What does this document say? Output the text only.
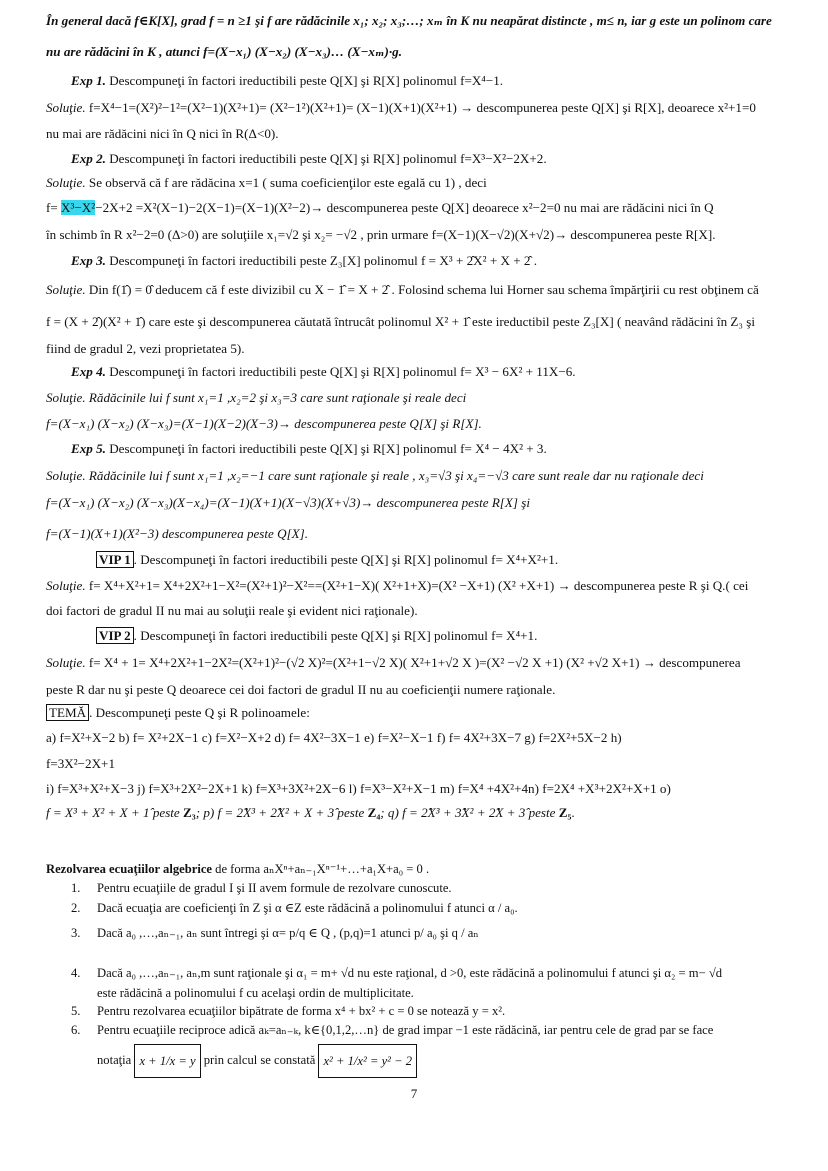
În general dacă f∈K[X], grad f = n ≥1 şi f are rădăcinile x₁; x₂; x₃;…; xₘ în K nu neapărat distincte , m≤ n, iar g este un polinom care
nu are rădăcini în K , atunci f=(X−x₁) (X−x₂) (X−x₃)… (X−xₘ)·g.
Exp 1. Descompuneţi în factori ireductibili peste Q[X] şi R[X] polinomul f=X⁴−1.
Soluţie. f=X⁴−1=(X²)²−1²=(X²−1)(X²+1)= (X²−1²)(X²+1)= (X−1)(X+1)(X²+1) → descompunerea peste Q[X] şi R[X], deoarece x²+1=0
nu mai are rădăcini nici în Q nici în R(Δ<0).
Exp 2. Descompuneţi în factori ireductibili peste Q[X] şi R[X] polinomul f=X³−X²−2X+2.
Soluţie. Se observă că f are rădăcina x=1 ( suma coeficienţilor este egală cu 1) , deci
f= X³−X²−2X+2 =X²(X−1)−2(X−1)=(X−1)(X²−2)→ descompunerea peste Q[X] deoarece x²−2=0 nu mai are rădăcini nici în Q
în schimb în R x²−2=0 (Δ>0) are soluţiile x₁=√2 şi x₂= −√2 , prin urmare f=(X−1)(X−√2)(X+√2)→ descompunerea peste R[X].
Exp 3. Descompuneţi în factori ireductibili peste Z₃[X] polinomul f = X³ + 2̂X² + X + 2̂ .
Soluţie. Din f(1̂) = 0̂ deducem că f este divizibil cu X − 1̂ = X + 2̂ . Folosind schema lui Horner sau schema împărţirii cu rest obţinem că
f = (X + 2̂)(X² + 1̂) care este şi descompunerea căutată întrucât polinomul X² + 1̂ este ireductibil peste Z₃[X] ( neavând rădăcini în Z₃ şi
fiind de gradul 2, vezi proprietatea 5).
Exp 4. Descompuneţi în factori ireductibili peste Q[X] şi R[X] polinomul f= X³ − 6X² + 11X−6.
Soluţie. Rădăcinile lui f sunt x₁=1 ,x₂=2 şi x₃=3 care sunt raţionale şi reale deci
f=(X−x₁) (X−x₂) (X−x₃)=(X−1)(X−2)(X−3)→ descompunerea peste Q[X] şi R[X].
Exp 5. Descompuneţi în factori ireductibili peste Q[X] şi R[X] polinomul f= X⁴ − 4X² + 3.
Soluţie. Rădăcinile lui f sunt x₁=1 ,x₂=−1 care sunt raţionale şi reale , x₃=√3 şi x₄=−√3 care sunt reale dar nu raţionale deci
f=(X−x₁) (X−x₂) (X−x₃)(X−x₄)=(X−1)(X+1)(X−√3)(X+√3)→ descompunerea peste R[X] şi
f=(X−1)(X+1)(X²−3) descompunerea peste Q[X].
VIP 1 . Descompuneţi în factori ireductibili peste Q[X] şi R[X] polinomul f= X⁴+X²+1.
Soluţie. f= X⁴+X²+1= X⁴+2X²+1−X²=(X²+1)²−X²==(X²+1−X)( X²+1+X)=(X² −X+1) (X² +X+1) → descompunerea peste R şi Q.( cei
doi factori de gradul II nu mai au soluţii reale şi evident nici raţionale).
VIP 2 . Descompuneţi în factori ireductibili peste Q[X] şi R[X] polinomul f= X⁴+1.
Soluţie. f= X⁴ + 1= X⁴+2X²+1−2X²=(X²+1)²−(√2 X)²=(X²+1−√2 X)( X²+1+√2 X )=(X² −√2 X +1) (X² +√2 X+1) → descompunerea
peste R dar nu şi peste Q deoarece cei doi factori de gradul II nu au coeficienţii numere raţionale.
TEMĂ . Descompuneţi peste Q şi R polinoamele:
a) f=X²+X−2 b) f= X²+2X−1 c) f=X²−X+2 d) f= 4X²−3X−1 e) f=X²−X−1 f) f= 4X²+3X−7 g) f=2X²+5X−2 h)
f=3X²−2X+1
i) f=X³+X²+X−3 j) f=X³+2X²−2X+1 k) f=X³+3X²+2X−6 l) f=X³−X²+X−1 m) f=X⁴ +4X²+4n) f=2X⁴ +X³+2X²+X+1 o)
f = X³ + X² + X + 1̂ peste Z₃; p) f = 2̂X³ + 2̂X² + X + 3̂ peste Z₄; q) f = 2̂X³ + 3̂X² + 2̂X + 3̂ peste Z₅.
Rezolvarea ecuaţiilor algebrice de forma aₙXⁿ+aₙ₋₁Xⁿ⁻¹+…+a₁X+a₀ = 0 .
1. Pentru ecuaţiile de gradul I şi II avem formule de rezolvare cunoscute.
2. Dacă ecuaţia are coeficienţi în Z şi α ∈Z este rădăcină a polinomului f atunci α / a₀.
3. Dacă a₀ ,…,aₙ₋₁, aₙ sunt întregi şi α= p/q ∈ Q , (p,q)=1 atunci p/ a₀ şi q / aₙ
4. Dacă a₀ ,…,aₙ₋₁, aₙ,m sunt raţionale şi α₁ = m+ √d nu este raţional, d >0, este rădăcină a polinomului f atunci şi α₂ = m− √d
este rădăcină a polinomului f cu acelaşi ordin de multiplicitate.
5. Pentru rezolvarea ecuaţiilor bipătrate de forma x⁴ + bx² + c = 0 se notează y = x².
6. Pentru ecuaţiile reciproce adică aₖ=aₙ₋ₖ, k∈{0,1,2,…n} de grad impar −1 este rădăcină, iar pentru cele de grad par se face
notaţia x + 1/x = y prin calcul se constată x² + 1/x² = y² − 2
7
